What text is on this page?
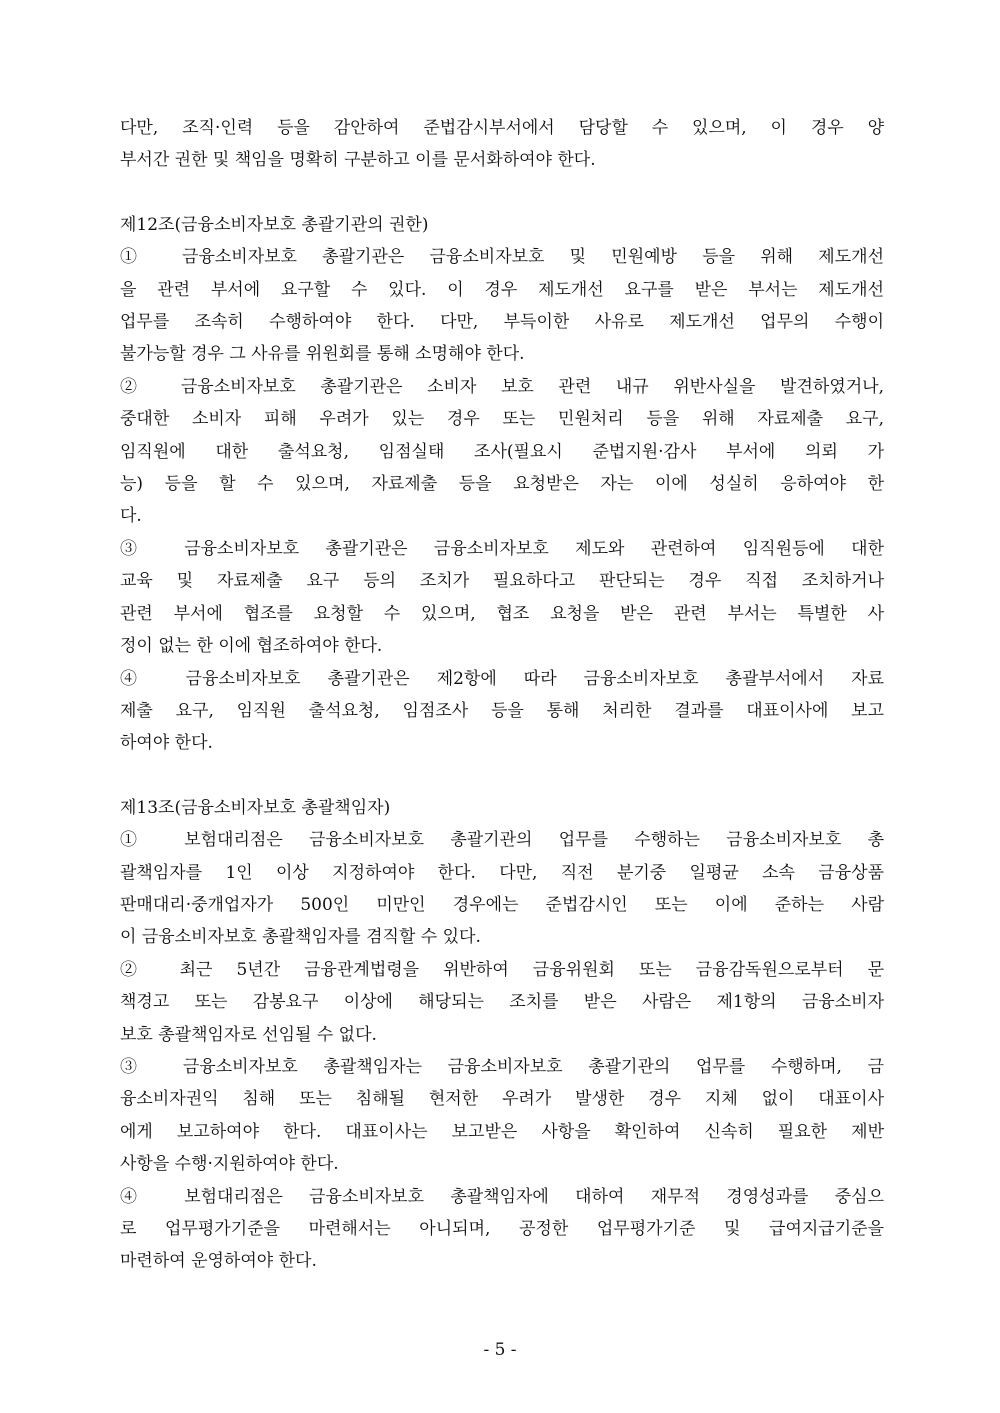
다만, 조직·인력 등을 감안하여 준법감시부서에서 담당할 수 있으며, 이 경우 양
부서간 권한 및 책임을 명확히 구분하고 이를 문서화하여야 한다.
제12조(금융소비자보호 총괄기관의 권한)
① 금융소비자보호 총괄기관은 금융소비자보호 및 민원예방 등을 위해 제도개선
을 관련 부서에 요구할 수 있다. 이 경우 제도개선 요구를 받은 부서는 제도개선
업무를 조속히 수행하여야 한다. 다만, 부득이한 사유로 제도개선 업무의 수행이
불가능할 경우 그 사유를 위원회를 통해 소명해야 한다.
② 금융소비자보호 총괄기관은 소비자 보호 관련 내규 위반사실을 발견하였거나,
중대한 소비자 피해 우려가 있는 경우 또는 민원처리 등을 위해 자료제출 요구,
임직원에 대한 출석요청, 임점실태 조사(필요시 준법지원·감사 부서에 의뢰 가
능) 등을 할 수 있으며, 자료제출 등을 요청받은 자는 이에 성실히 응하여야 한
다.
③ 금융소비자보호 총괄기관은 금융소비자보호 제도와 관련하여 임직원등에 대한
교육 및 자료제출 요구 등의 조치가 필요하다고 판단되는 경우 직접 조치하거나
관련 부서에 협조를 요청할 수 있으며, 협조 요청을 받은 관련 부서는 특별한 사
정이 없는 한 이에 협조하여야 한다.
④ 금융소비자보호 총괄기관은 제2항에 따라 금융소비자보호 총괄부서에서 자료
제출 요구, 임직원 출석요청, 임점조사 등을 통해 처리한 결과를 대표이사에 보고
하여야 한다.
제13조(금융소비자보호 총괄책임자)
① 보험대리점은 금융소비자보호 총괄기관의 업무를 수행하는 금융소비자보호 총
괄책임자를 1인 이상 지정하여야 한다. 다만, 직전 분기중 일평균 소속 금융상품
판매대리·중개업자가 500인 미만인 경우에는 준법감시인 또는 이에 준하는 사람
이 금융소비자보호 총괄책임자를 겸직할 수 있다.
② 최근 5년간 금융관계법령을 위반하여 금융위원회 또는 금융감독원으로부터 문
책경고 또는 감봉요구 이상에 해당되는 조치를 받은 사람은 제1항의 금융소비자
보호 총괄책임자로 선임될 수 없다.
③ 금융소비자보호 총괄책임자는 금융소비자보호 총괄기관의 업무를 수행하며, 금
융소비자권익 침해 또는 침해될 현저한 우려가 발생한 경우 지체 없이 대표이사
에게 보고하여야 한다. 대표이사는 보고받은 사항을 확인하여 신속히 필요한 제반
사항을 수행·지원하여야 한다.
④ 보험대리점은 금융소비자보호 총괄책임자에 대하여 재무적 경영성과를 중심으
로 업무평가기준을 마련해서는 아니되며, 공정한 업무평가기준 및 급여지급기준을
마련하여 운영하여야 한다.
- 5 -
